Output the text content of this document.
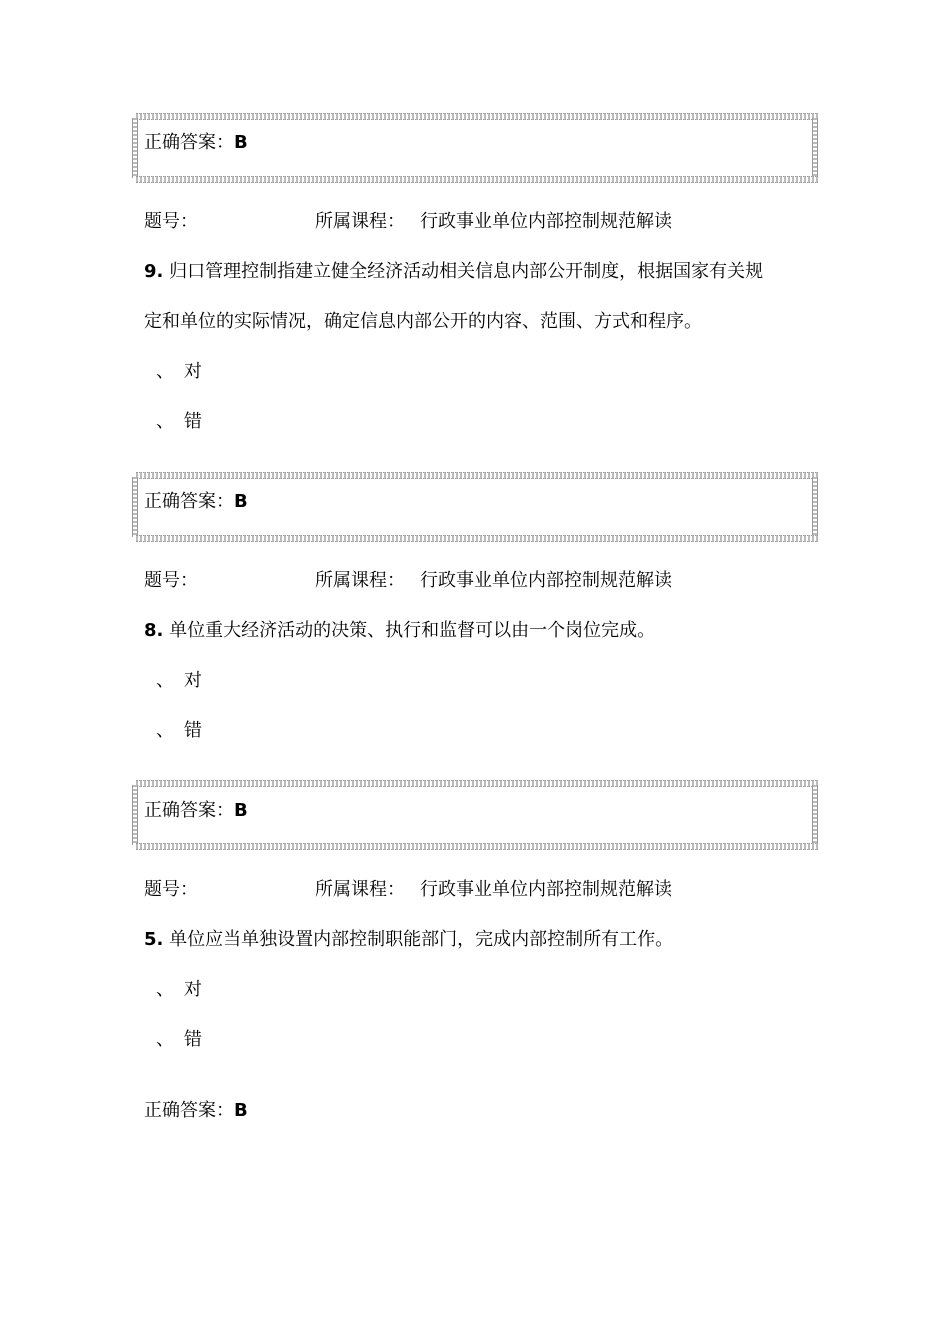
正确答案：B
题号：	所属课程： 行政事业单位内部控制规范解读
9. 归口管理控制指建立健全经济活动相关信息内部公开制度，根据国家有关规
定和单位的实际情况，确定信息内部公开的内容、范围、方式和程序。
、 对
、 错
正确答案：B
题号：	所属课程： 行政事业单位内部控制规范解读
8. 单位重大经济活动的决策、执行和监督可以由一个岗位完成。
、 对
、 错
正确答案：B
题号：	所属课程： 行政事业单位内部控制规范解读
5. 单位应当单独设置内部控制职能部门，完成内部控制所有工作。
、 对
、 错
正确答案：B
